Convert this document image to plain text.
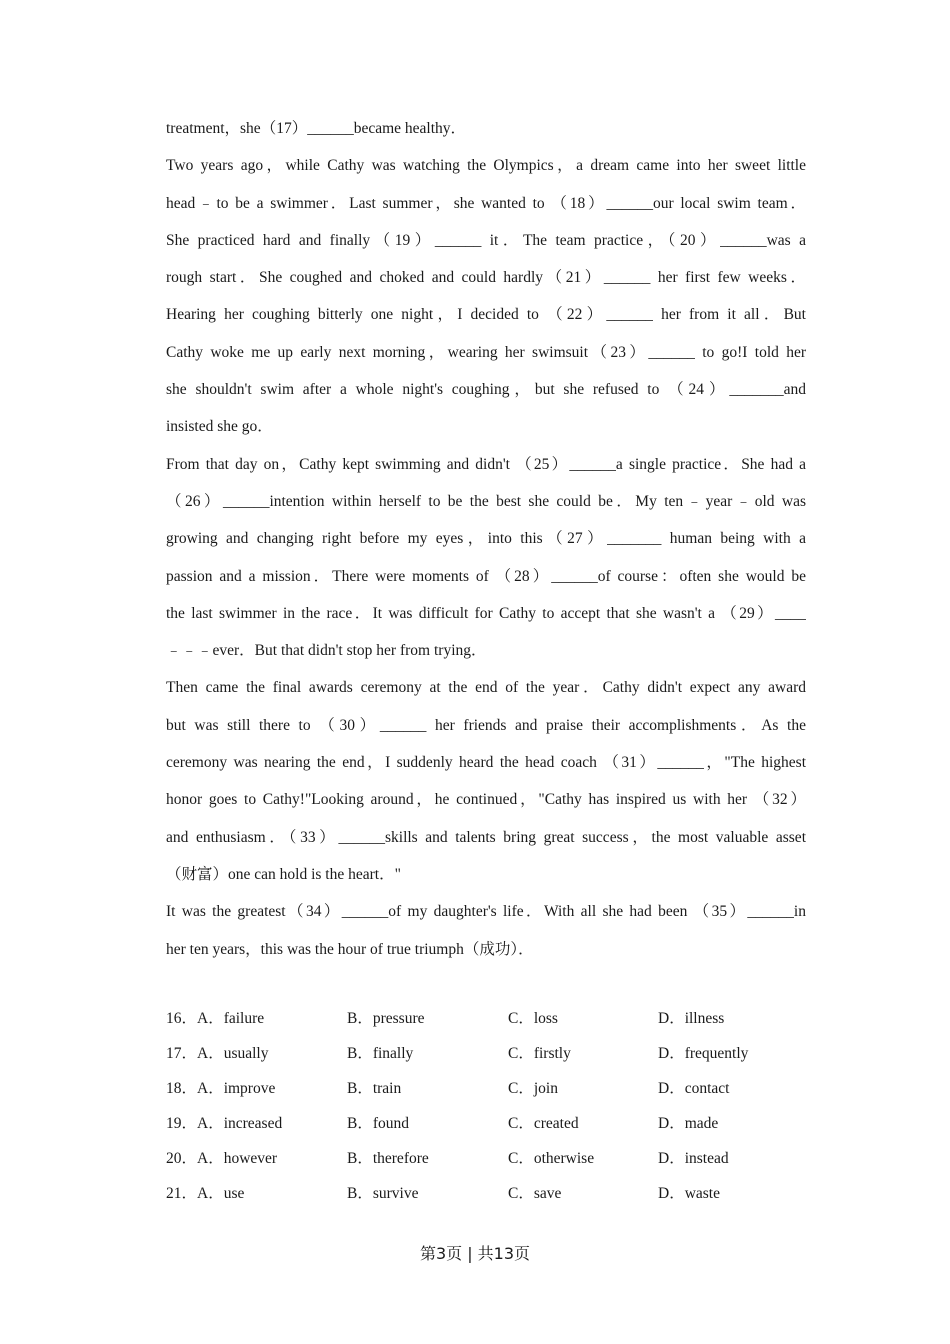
treatment，she（17）______became healthy．
Two years ago，while Cathy was watching the Olympics，a dream came into her sweet little
head﹣to be a swimmer．Last summer，she wanted to （18）______our local swim team．
She practiced hard and finally（19）______ it．The team practice，（20）______was a
rough start．She coughed and choked and could hardly（21）______ her first few weeks．
Hearing her coughing bitterly one night，I decided to （22）______ her from it all．But
Cathy woke me up early next morning，wearing her swimsuit（23）______ to go!I told her
she shouldn't swim after a whole night's coughing，but she refused to （24）_______and
insisted she go．
From that day on，Cathy kept swimming and didn't （25）______a single practice．She had a
（26）______intention within herself to be the best she could be．My ten﹣year﹣old was
growing and changing right before my eyes，into this（27）_______ human being with a
passion and a mission．There were moments of （28）______of course：often she would be
the last swimmer in the race．It was difficult for Cathy to accept that she wasn't a （29）____
﹣﹣﹣ever．But that didn't stop her from trying．
Then came the final awards ceremony at the end of the year．Cathy didn't expect any award
but was still there to （30）______ her friends and praise their accomplishments．As the
ceremony was nearing the end，I suddenly heard the head coach （31）______，"The highest
honor goes to Cathy!"Looking around，he continued，"Cathy has inspired us with her （32）
and enthusiasm．（33）______skills and talents bring great success，the most valuable asset
（财富）one can hold is the heart．"
It was the greatest（34）______of my daughter's life．With all she had been （35）______in
her ten years，this was the hour of true triumph（成功）．
16．A．failure	B．pressure	C．loss	D．illness
17．A．usually	B．finally	C．firstly	D．frequently
18．A．improve	B．train	C．join	D．contact
19．A．increased	B．found	C．created	D．made
20．A．however	B．therefore	C．otherwise	D．instead
21．A．use	B．survive	C．save	D．waste
第3页 | 共13页
